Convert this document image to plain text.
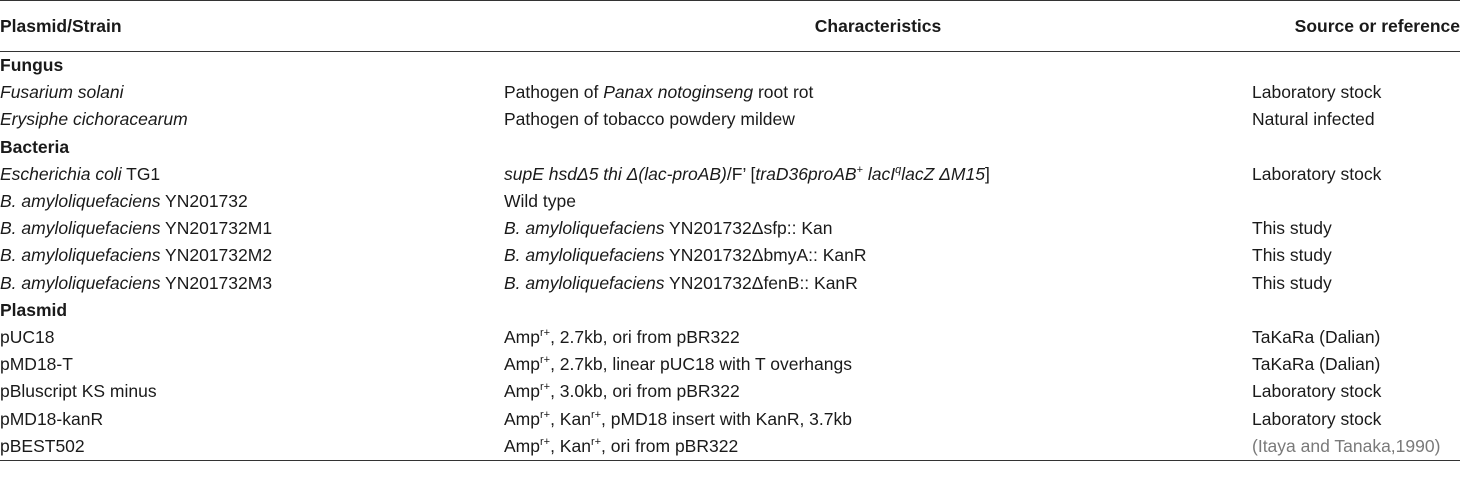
Plasmid/Strain	Characteristics	Source or reference
Fungus		
Fusarium solani	Pathogen of Panax notoginseng root rot	Laboratory stock
Erysiphe cichoracearum	Pathogen of tobacco powdery mildew	Natural infected
Bacteria		
Escherichia coli TG1	supE hsdΔ5 thi Δ(lac-proAB)/F’ [traD36proAB+ lacI$^q$lacZ ΔM15]	Laboratory stock
B. amyloliquefaciens YN201732	Wild type	
B. amyloliquefaciens YN201732M1	B. amyloliquefaciens YN201732Δsfp:: Kan	This study
B. amyloliquefaciens YN201732M2	B. amyloliquefaciens YN201732ΔbmyA:: KanR	This study
B. amyloliquefaciens YN201732M3	B. amyloliquefaciens YN201732ΔfenB:: KanR	This study
Plasmid		
pUC18	Amp$^{r+}$, 2.7kb, ori from pBR322	TaKaRa (Dalian)
pMD18-T	Amp$^{r+}$, 2.7kb, linear pUC18 with T overhangs	TaKaRa (Dalian)
pBluscript KS minus	Amp$^{r+}$, 3.0kb, ori from pBR322	Laboratory stock
pMD18-kanR	Amp$^{r+}$, Kan$^{r+}$, pMD18 insert with KanR, 3.7kb	Laboratory stock
pBEST502	Amp$^{r+}$, Kan$^{r+}$, ori from pBR322	(Itaya and Tanaka,1990)
